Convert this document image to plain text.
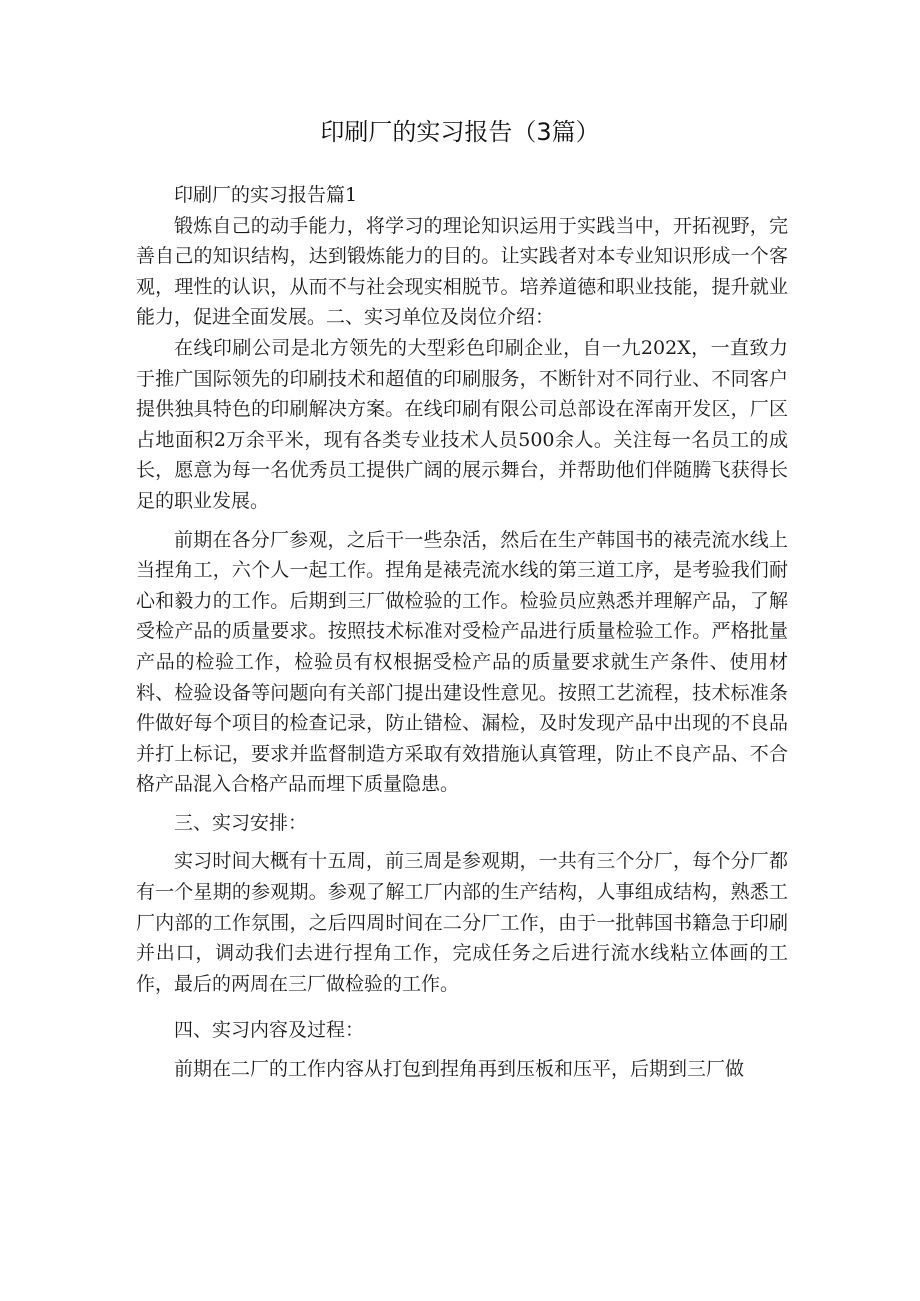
印刷厂的实习报告（3篇）

印刷厂的实习报告篇1

锻炼自己的动手能力，将学习的理论知识运用于实践当中，开拓视野，完善自己的知识结构，达到锻炼能力的目的。让实践者对本专业知识形成一个客观，理性的认识，从而不与社会现实相脱节。培养道德和职业技能，提升就业能力，促进全面发展。二、实习单位及岗位介绍：

在线印刷公司是北方领先的大型彩色印刷企业，自一九202X，一直致力于推广国际领先的印刷技术和超值的印刷服务，不断针对不同行业、不同客户提供独具特色的印刷解决方案。在线印刷有限公司总部设在浑南开发区，厂区占地面积2万余平米，现有各类专业技术人员500余人。关注每一名员工的成长，愿意为每一名优秀员工提供广阔的展示舞台，并帮助他们伴随腾飞获得长足的职业发展。

前期在各分厂参观，之后干一些杂活，然后在生产韩国书的裱壳流水线上当捏角工，六个人一起工作。捏角是裱壳流水线的第三道工序，是考验我们耐心和毅力的工作。后期到三厂做检验的工作。检验员应熟悉并理解产品，了解受检产品的质量要求。按照技术标准对受检产品进行质量检验工作。严格批量产品的检验工作，检验员有权根据受检产品的质量要求就生产条件、使用材料、检验设备等问题向有关部门提出建设性意见。按照工艺流程，技术标准条件做好每个项目的检查记录，防止错检、漏检，及时发现产品中出现的不良品并打上标记，要求并监督制造方采取有效措施认真管理，防止不良产品、不合格产品混入合格产品而埋下质量隐患。

三、实习安排：

实习时间大概有十五周，前三周是参观期，一共有三个分厂，每个分厂都有一个星期的参观期。参观了解工厂内部的生产结构，人事组成结构，熟悉工厂内部的工作氛围，之后四周时间在二分厂工作，由于一批韩国书籍急于印刷并出口，调动我们去进行捏角工作，完成任务之后进行流水线粘立体画的工作，最后的两周在三厂做检验的工作。

四、实习内容及过程：

前期在二厂的工作内容从打包到捏角再到压板和压平，后期到三厂做
